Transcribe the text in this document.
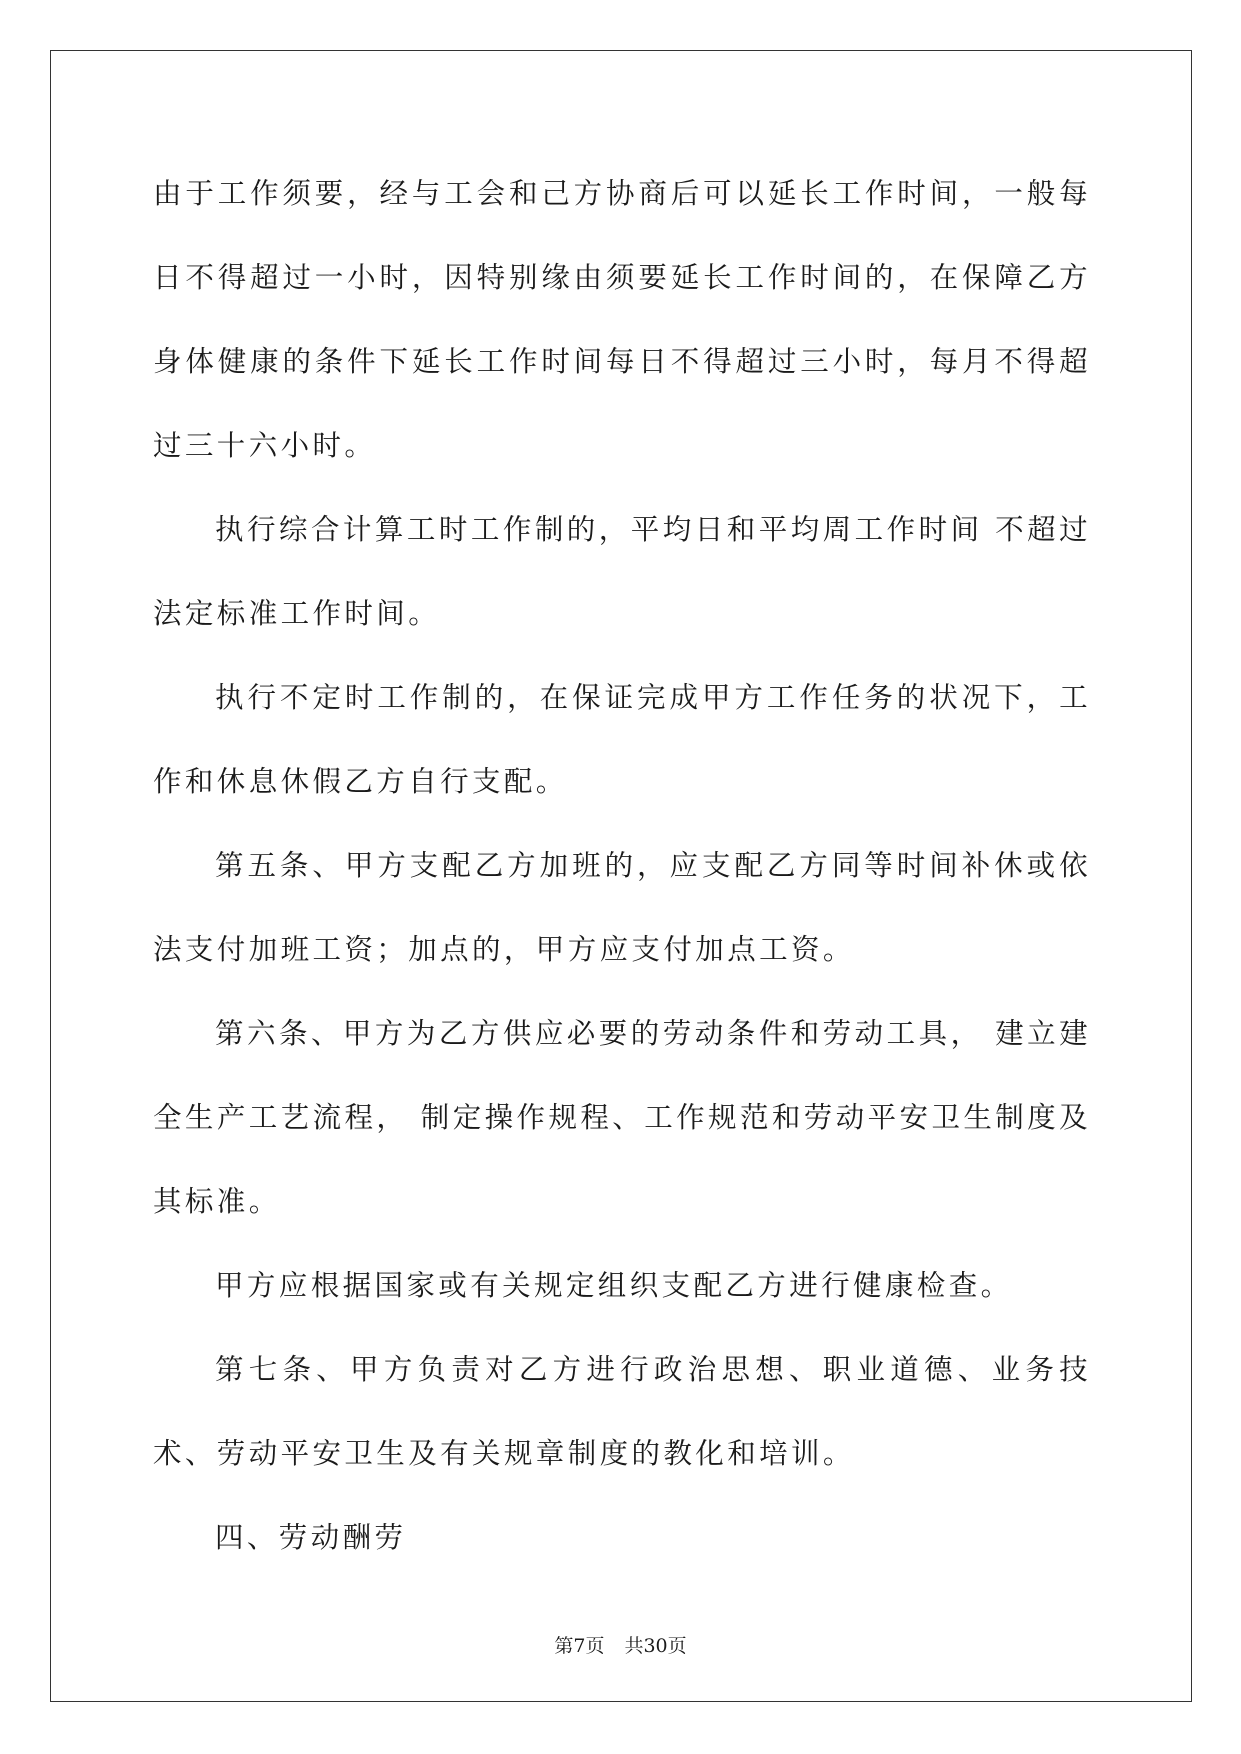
由于工作须要，经与工会和己方协商后可以延长工作时间，一般每日不得超过一小时，因特别缘由须要延长工作时间的，在保障乙方身体健康的条件下延长工作时间每日不得超过三小时，每月不得超过三十六小时。

执行综合计算工时工作制的，平均日和平均周工作时间 不超过法定标准工作时间。

执行不定时工作制的，在保证完成甲方工作任务的状况下，工作和休息休假乙方自行支配。

第五条、甲方支配乙方加班的，应支配乙方同等时间补休或依法支付加班工资；加点的，甲方应支付加点工资。

第六条、甲方为乙方供应必要的劳动条件和劳动工具， 建立建全生产工艺流程， 制定操作规程、工作规范和劳动平安卫生制度及其标准。

甲方应根据国家或有关规定组织支配乙方进行健康检查。

第七条、甲方负责对乙方进行政治思想、职业道德、业务技术、劳动平安卫生及有关规章制度的教化和培训。

四、劳动酬劳

第7页 共30页
